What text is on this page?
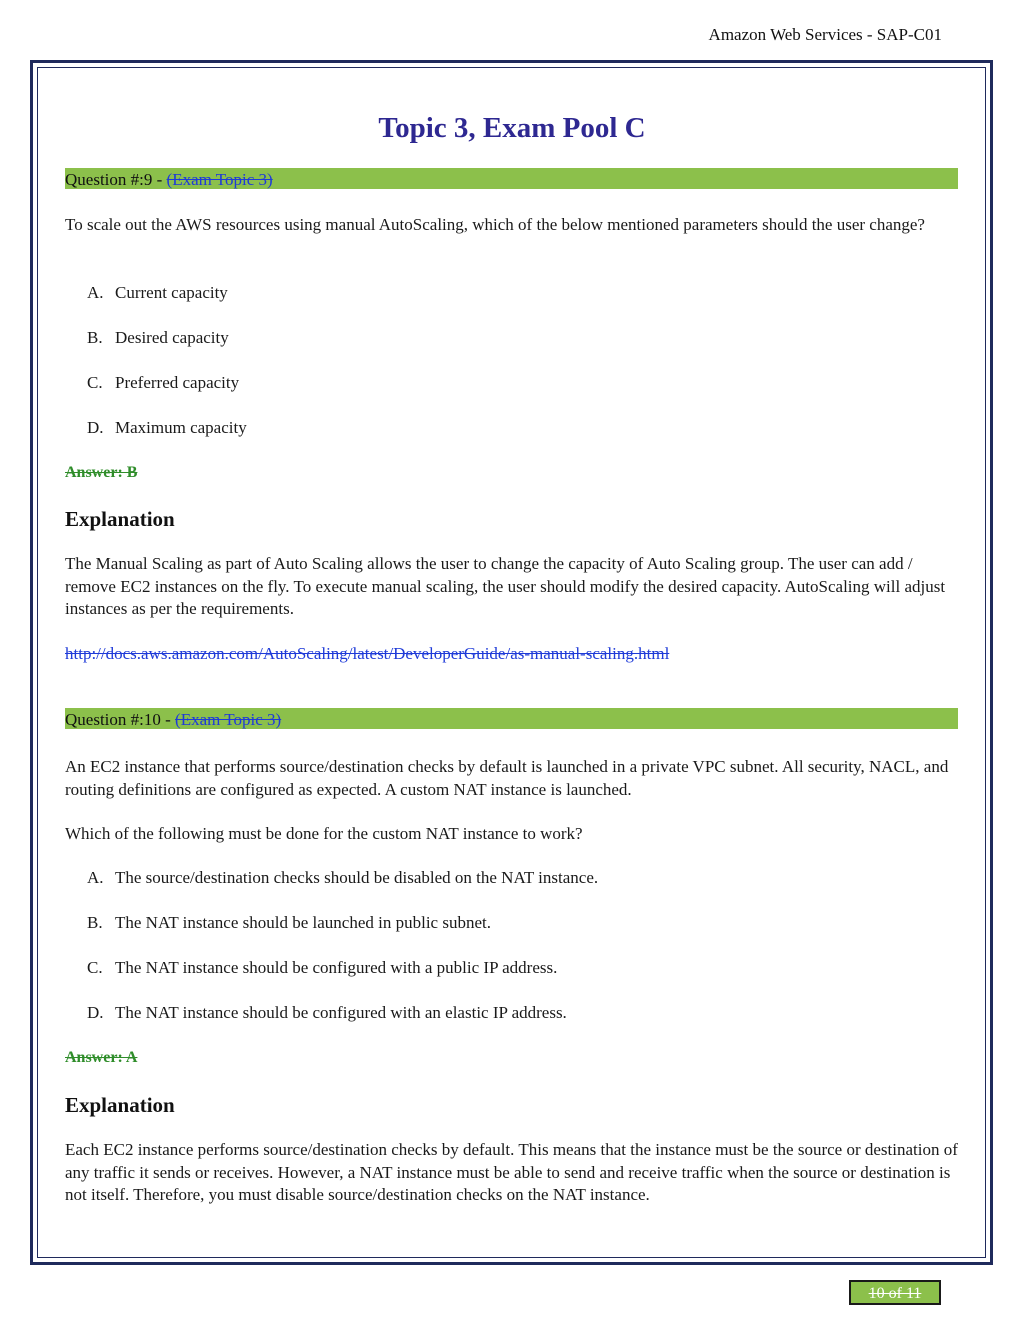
Amazon Web Services - SAP-C01
Topic 3, Exam Pool C
Question #:9 - (Exam Topic 3)
To scale out the AWS resources using manual AutoScaling, which of the below mentioned parameters should the user change?
A. Current capacity
B. Desired capacity
C. Preferred capacity
D. Maximum capacity
Answer: B
Explanation
The Manual Scaling as part of Auto Scaling allows the user to change the capacity of Auto Scaling group. The user can add / remove EC2 instances on the fly. To execute manual scaling, the user should modify the desired capacity. AutoScaling will adjust instances as per the requirements.
http://docs.aws.amazon.com/AutoScaling/latest/DeveloperGuide/as-manual-scaling.html
Question #:10 - (Exam Topic 3)
An EC2 instance that performs source/destination checks by default is launched in a private VPC subnet. All security, NACL, and routing definitions are configured as expected. A custom NAT instance is launched.
Which of the following must be done for the custom NAT instance to work?
A. The source/destination checks should be disabled on the NAT instance.
B. The NAT instance should be launched in public subnet.
C. The NAT instance should be configured with a public IP address.
D. The NAT instance should be configured with an elastic IP address.
Answer: A
Explanation
Each EC2 instance performs source/destination checks by default. This means that the instance must be the source or destination of any traffic it sends or receives. However, a NAT instance must be able to send and receive traffic when the source or destination is not itself. Therefore, you must disable source/destination checks on the NAT instance.
10 of 11
